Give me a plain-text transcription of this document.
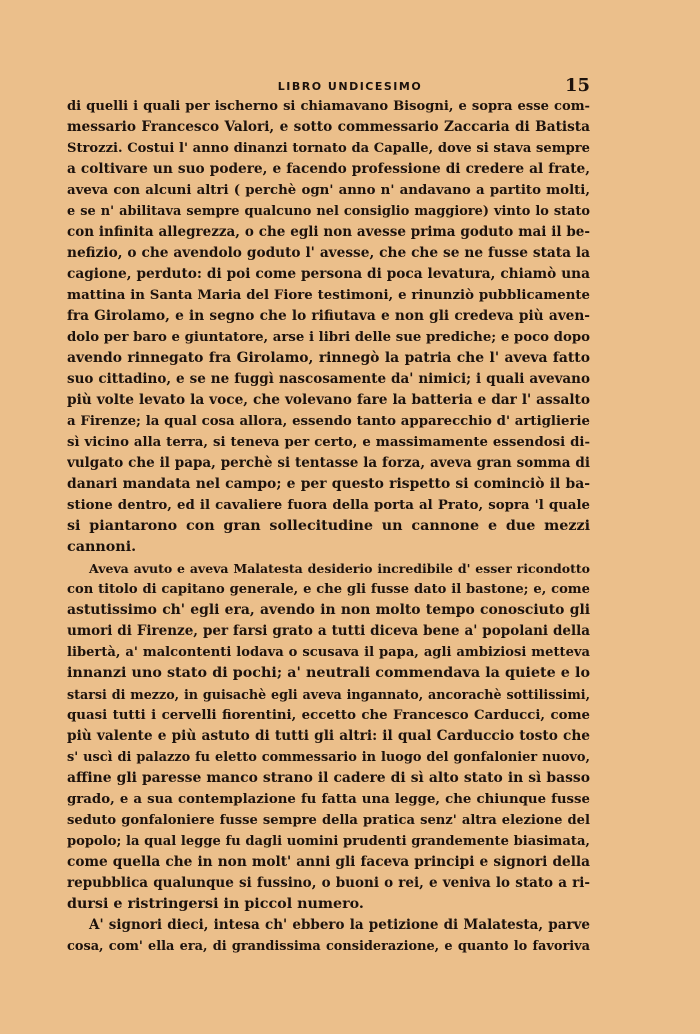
LIBRO UNDICESIMO	15
di quelli i quali per ischerno si chiamavano Bisogni, e sopra esse com-
messario Francesco Valori, e sotto commessario Zaccaria di Batista
Strozzi. Costui l' anno dinanzi tornato da Capalle, dove si stava sempre
a coltivare un suo podere, e facendo professione di credere al frate,
aveva con alcuni altri ( perchè ogn' anno n' andavano a partito molti,
e se n' abilitava sempre qualcuno nel consiglio maggiore) vinto lo stato
con infinita allegrezza, o che egli non avesse prima goduto mai il be-
nefizio, o che avendolo goduto l' avesse, che che se ne fusse stata la
cagione, perduto: di poi come persona di poca levatura, chiamò una
mattina in Santa Maria del Fiore testimoni, e rinunziò pubblicamente
fra Girolamo, e in segno che lo rifiutava e non gli credeva più aven-
dolo per baro e giuntatore, arse i libri delle sue prediche; e poco dopo
avendo rinnegato fra Girolamo, rinnegò la patria che l' aveva fatto
suo cittadino, e se ne fuggì nascosamente da' nimici; i quali avevano
più volte levato la voce, che volevano fare la batteria e dar l' assalto
a Firenze; la qual cosa allora, essendo tanto apparecchio d' artiglierie
sì vicino alla terra, si teneva per certo, e massimamente essendosi di-
vulgato che il papa, perchè si tentasse la forza, aveva gran somma di
danari mandata nel campo; e per questo rispetto si cominciò il ba-
stione dentro, ed il cavaliere fuora della porta al Prato, sopra 'l quale
si piantarono con gran sollecitudine un cannone e due mezzi
cannoni.
Aveva avuto e aveva Malatesta desiderio incredibile d' esser ricondotto
con titolo di capitano generale, e che gli fusse dato il bastone; e, come
astutissimo ch' egli era, avendo in non molto tempo conosciuto gli
umori di Firenze, per farsi grato a tutti diceva bene a' popolani della
libertà, a' malcontenti lodava o scusava il papa, agli ambiziosi metteva
innanzi uno stato di pochi; a' neutrali commendava la quiete e lo
starsi di mezzo, in guisachè egli aveva ingannato, ancorachè sottilissimi,
quasi tutti i cervelli fiorentini, eccetto che Francesco Carducci, come
più valente e più astuto di tutti gli altri: il qual Carduccio tosto che
s' uscì di palazzo fu eletto commessario in luogo del gonfalonier nuovo,
affine gli paresse manco strano il cadere di sì alto stato in sì basso
grado, e a sua contemplazione fu fatta una legge, che chiunque fusse
seduto gonfaloniere fusse sempre della pratica senz' altra elezione del
popolo; la qual legge fu dagli uomini prudenti grandemente biasimata,
come quella che in non molt' anni gli faceva principi e signori della
repubblica qualunque si fussino, o buoni o rei, e veniva lo stato a ri-
dursi e ristringersi in piccol numero.
A' signori dieci, intesa ch' ebbero la petizione di Malatesta, parve
cosa, com' ella era, di grandissima considerazione, e quanto lo favoriva
